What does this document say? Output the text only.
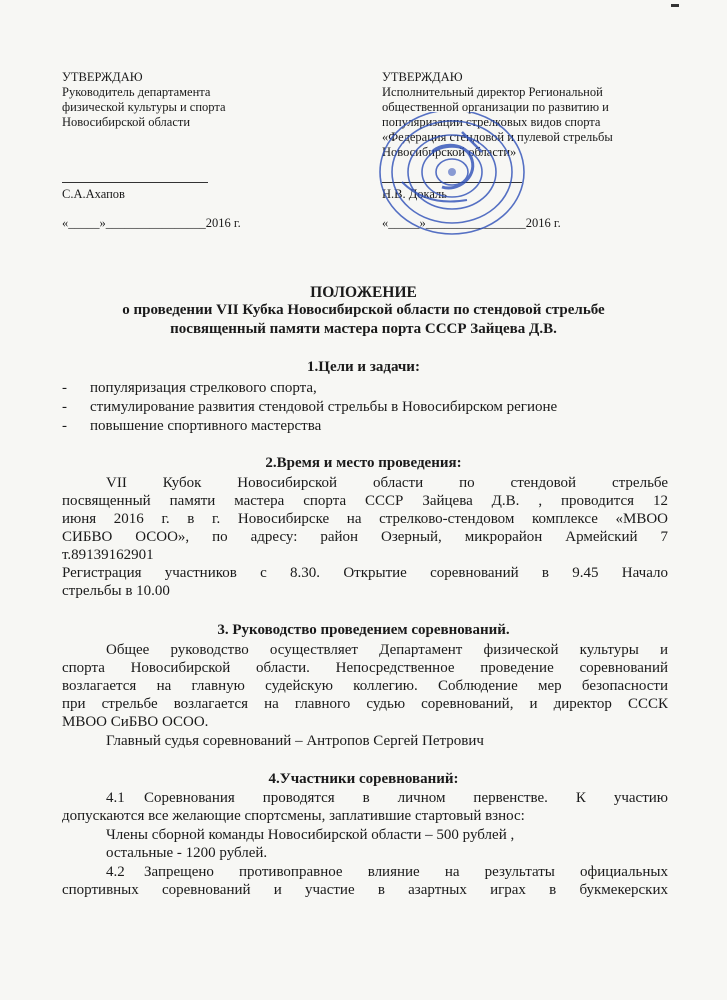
УТВЕРЖДАЮ
Руководитель департамента
физической культуры и спорта
Новосибирской области
С.А.Ахапов
«_____»________________2016 г.
УТВЕРЖДАЮ
Исполнительный директор Региональной
общественной организации по развитию и
популяризации стрелковых видов спорта
«Федерация стендовой и пулевой стрельбы
Новосибирской области»
Н.В. Докаль
«_____»________________2016 г.
ПОЛОЖЕНИЕ
о проведении VII Кубка Новосибирской области по стендовой стрельбе
посвященный памяти мастера порта СССР Зайцева Д.В.
1.Цели и задачи:
- популяризация стрелкового спорта,
- стимулирование развития стендовой стрельбы в Новосибирском регионе
- повышение спортивного мастерства
2.Время и место проведения:
VII Кубок Новосибирской области по стендовой стрельбе
посвященный памяти мастера спорта СССР Зайцева Д.В. , проводится 12
июня 2016 г. в г. Новосибирске на стрелково-стендовом комплексе «МВОО
СИБВО ОСОО», по адресу: район Озерный, микрорайон Армейский 7
т.89139162901
Регистрация участников с 8.30. Открытие соревнований в 9.45 Начало
стрельбы в 10.00
3. Руководство проведением соревнований.
Общее руководство осуществляет Департамент физической культуры и
спорта Новосибирской области. Непосредственное проведение соревнований
возлагается на главную судейскую коллегию. Соблюдение мер безопасности
при стрельбе возлагается на главного судью соревнований, и директор СССК
МВОО СиБВО ОСОО.
Главный судья соревнований – Антропов Сергей Петрович
4.Участники соревнований:
4.1 Соревнования проводятся в личном первенстве. К участию
допускаются все желающие спортсмены, заплатившие стартовый взнос:
Члены сборной команды Новосибирской области – 500 рублей ,
остальные - 1200 рублей.
4.2 Запрещено противоправное влияние на результаты официальных
спортивных соревнований и участие в азартных играх в букмекерских
